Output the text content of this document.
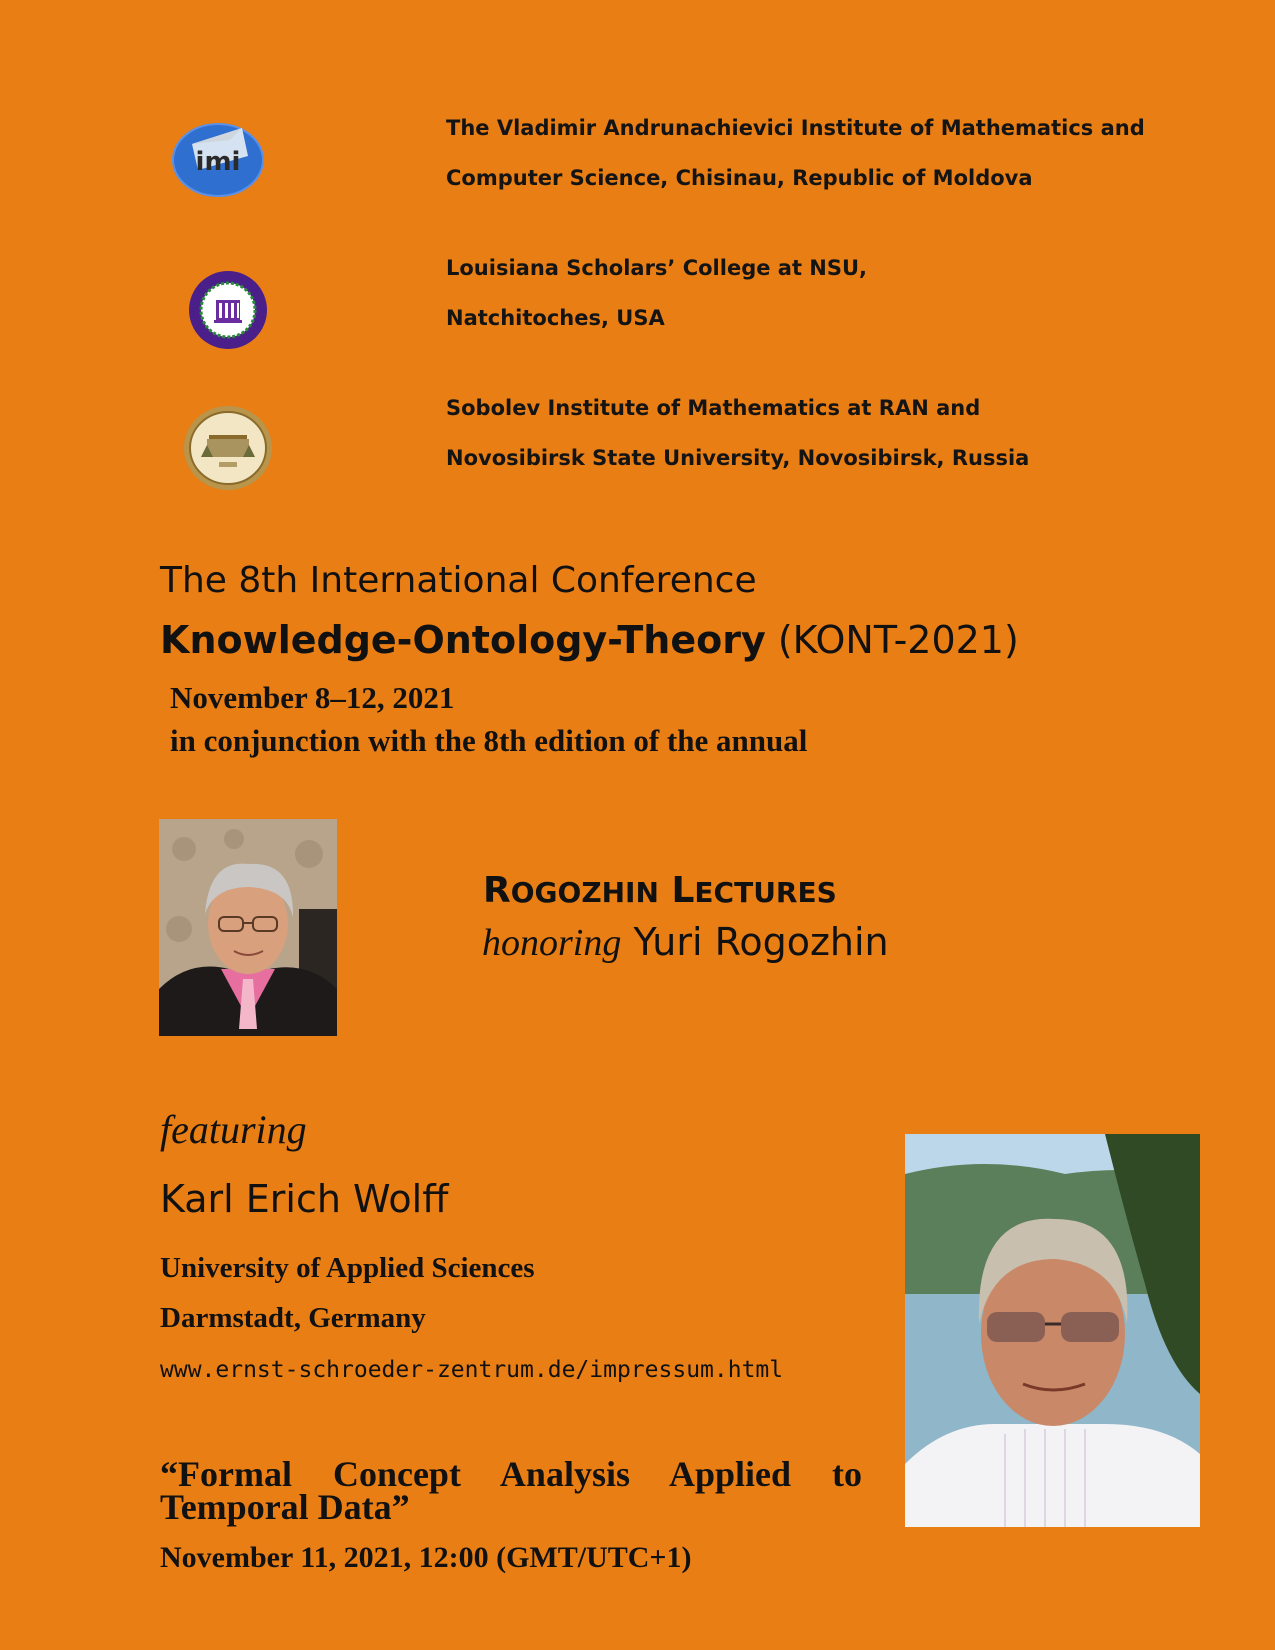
imi
The Vladimir Andrunachievici Institute of Mathematics and
Computer Science, Chisinau, Republic of Moldova
Louisiana Scholars’ College at NSU,
Natchitoches, USA
Sobolev Institute of Mathematics at RAN and
Novosibirsk State University, Novosibirsk, Russia
The 8th International Conference
Knowledge-Ontology-Theory (KONT-2021)
November 8–12, 2021
in conjunction with the 8th edition of the annual
ROGOZHIN LECTURES
honoring Yuri Rogozhin
featuring
Karl Erich Wolff
University of Applied Sciences
Darmstadt, Germany
www.ernst-schroeder-zentrum.de/impressum.html
“Formal Concept Analysis Applied to Temporal Data”
November 11, 2021, 12:00 (GMT/UTC+1)
